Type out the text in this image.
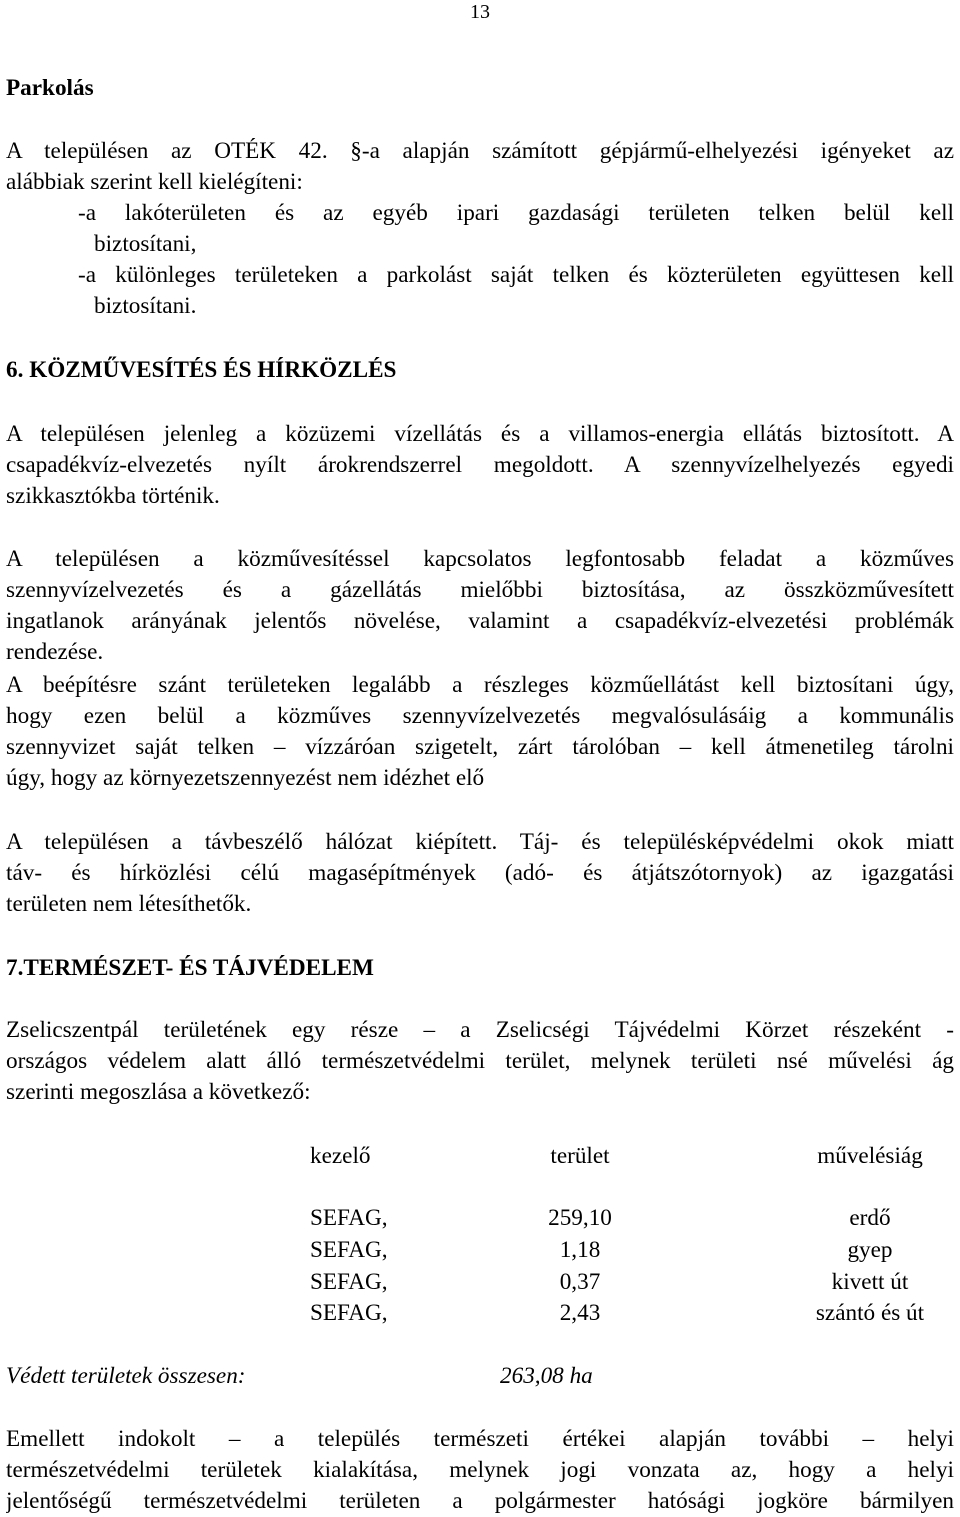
13
Parkolás
A településen az OTÉK 42. §-a alapján számított gépjármű-elhelyezési igényeket az
alábbiak szerint kell kielégíteni:
-a lakóterületen és az egyéb ipari gazdasági területen telken belül kell
biztosítani,
-a különleges területeken a parkolást saját telken és közterületen együttesen kell
biztosítani.
6. KÖZMŰVESÍTÉS ÉS HÍRKÖZLÉS
A településen jelenleg a közüzemi vízellátás és a villamos-energia ellátás biztosított. A
csapadékvíz-elvezetés nyílt árokrendszerrel megoldott. A szennyvízelhelyezés egyedi
szikkasztókba történik.
A településen a közművesítéssel kapcsolatos legfontosabb feladat a közműves
szennyvízelvezetés és a gázellátás mielőbbi biztosítása, az összközművesített
ingatlanok arányának jelentős növelése, valamint a csapadékvíz-elvezetési problémák
rendezése.
A beépítésre szánt területeken legalább a részleges közműellátást kell biztosítani úgy,
hogy ezen belül a közműves szennyvízelvezetés megvalósulásáig a kommunális
szennyvizet saját telken – vízzáróan szigetelt, zárt tárolóban – kell átmenetileg tárolni
úgy, hogy az környezetszennyezést nem idézhet elő
A településen a távbeszélő hálózat kiépített. Táj- és településképvédelmi okok miatt
táv- és hírközlési célú magasépítmények (adó- és átjátszótornyok) az igazgatási
területen nem létesíthetők.
7.TERMÉSZET- ÉS TÁJVÉDELEM
Zselicszentpál területének egy része – a Zselicségi Tájvédelmi Körzet részeként -
országos védelem alatt álló természetvédelmi terület, melynek területi nsé művelési ág
szerinti megoszlása a következő:
kezelő	terület	művelésiág
SEFAG,	259,10	erdő
SEFAG,	1,18	gyep
SEFAG,	0,37	kivett út
SEFAG,	2,43	szántó és út
Védett területek összesen:	263,08 ha
Emellett indokolt – a település természeti értékei alapján további – helyi
természetvédelmi területek kialakítása, melynek jogi vonzata az, hogy a helyi
jelentőségű természetvédelmi területen a polgármester hatósági jogköre bármilyen
